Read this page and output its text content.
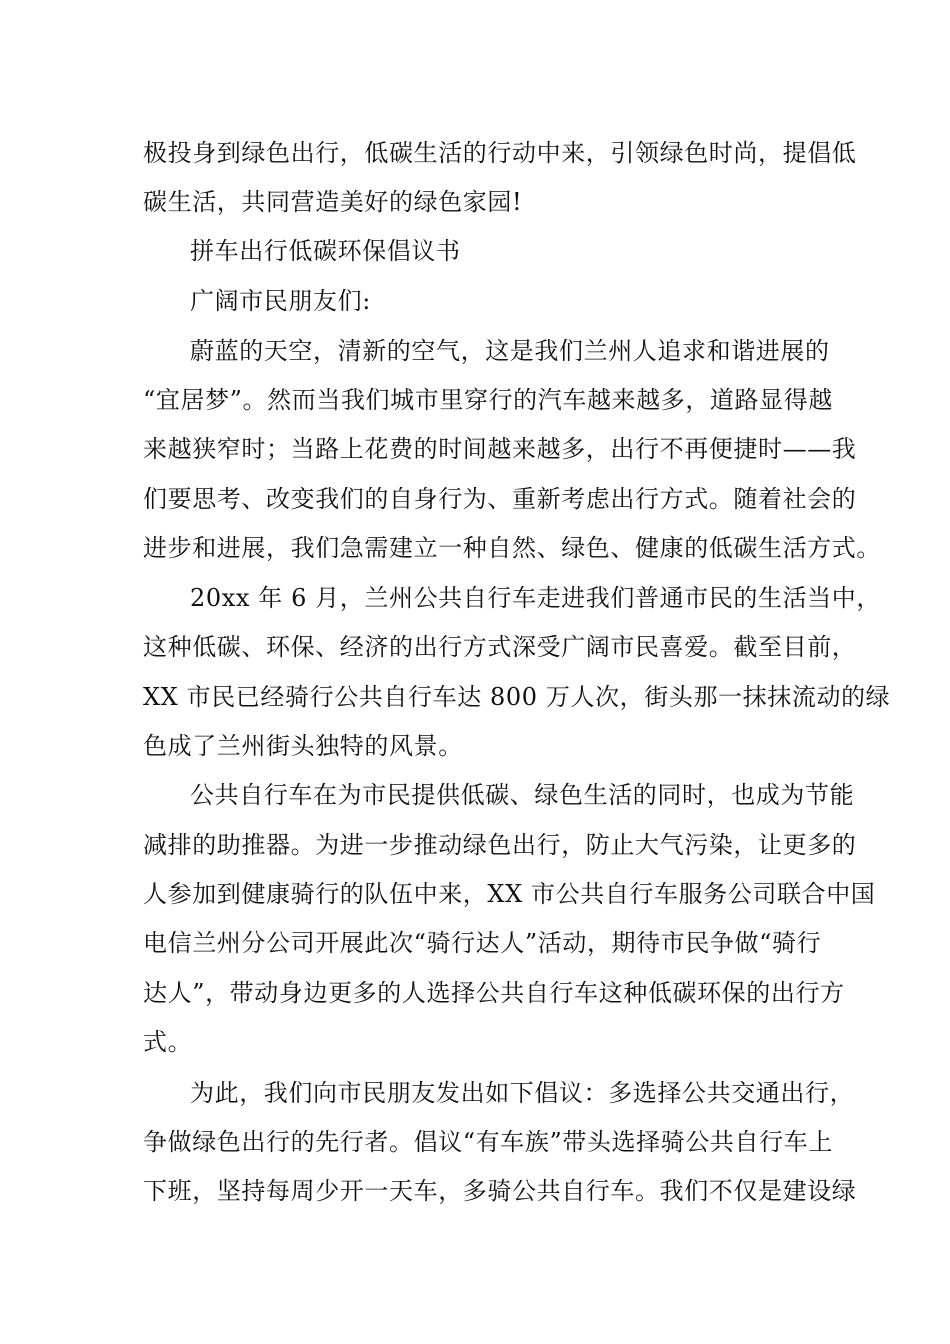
极投身到绿色出行，低碳生活的行动中来，引领绿色时尚，提倡低
碳生活，共同营造美好的绿色家园!
拼车出行低碳环保倡议书
广阔市民朋友们:
蔚蓝的天空，清新的空气，这是我们兰州人追求和谐进展的
“宜居梦”。然而当我们城市里穿行的汽车越来越多，道路显得越
来越狭窄时；当路上花费的时间越来越多，出行不再便捷时——我
们要思考、改变我们的自身行为、重新考虑出行方式。随着社会的
进步和进展，我们急需建立一种自然、绿色、健康的低碳生活方式。
20xx 年 6 月，兰州公共自行车走进我们普通市民的生活当中，
这种低碳、环保、经济的出行方式深受广阔市民喜爱。截至目前，
XX 市民已经骑行公共自行车达 800 万人次，街头那一抹抹流动的绿
色成了兰州街头独特的风景。
公共自行车在为市民提供低碳、绿色生活的同时，也成为节能
减排的助推器。为进一步推动绿色出行，防止大气污染，让更多的
人参加到健康骑行的队伍中来，XX 市公共自行车服务公司联合中国
电信兰州分公司开展此次“骑行达人”活动，期待市民争做“骑行
达人”，带动身边更多的人选择公共自行车这种低碳环保的出行方
式。
为此，我们向市民朋友发出如下倡议：多选择公共交通出行，
争做绿色出行的先行者。倡议“有车族”带头选择骑公共自行车上
下班，坚持每周少开一天车，多骑公共自行车。我们不仅是建设绿
